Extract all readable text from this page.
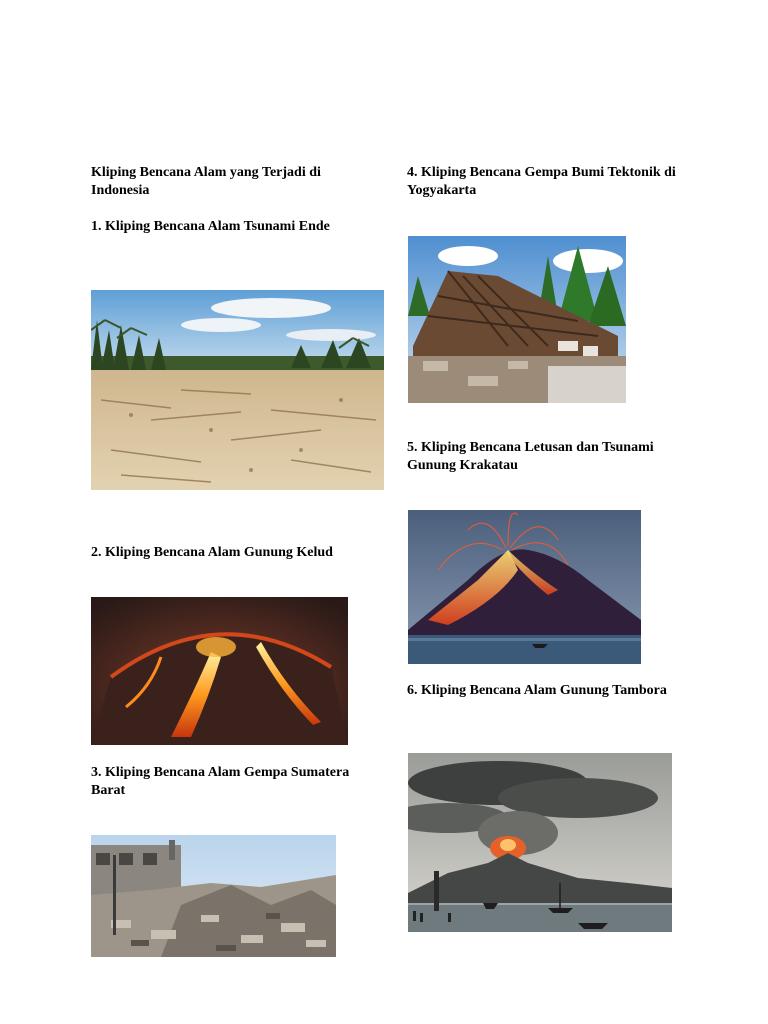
Kliping Bencana Alam yang Terjadi di Indonesia

1. Kliping Bencana Alam Tsunami Ende

2. Kliping Bencana Alam Gunung Kelud

3. Kliping Bencana Alam Gempa Sumatera Barat

4. Kliping Bencana Gempa Bumi Tektonik di Yogyakarta

5. Kliping Bencana Letusan dan Tsunami Gunung Krakatau

6. Kliping Bencana Alam Gunung Tambora
